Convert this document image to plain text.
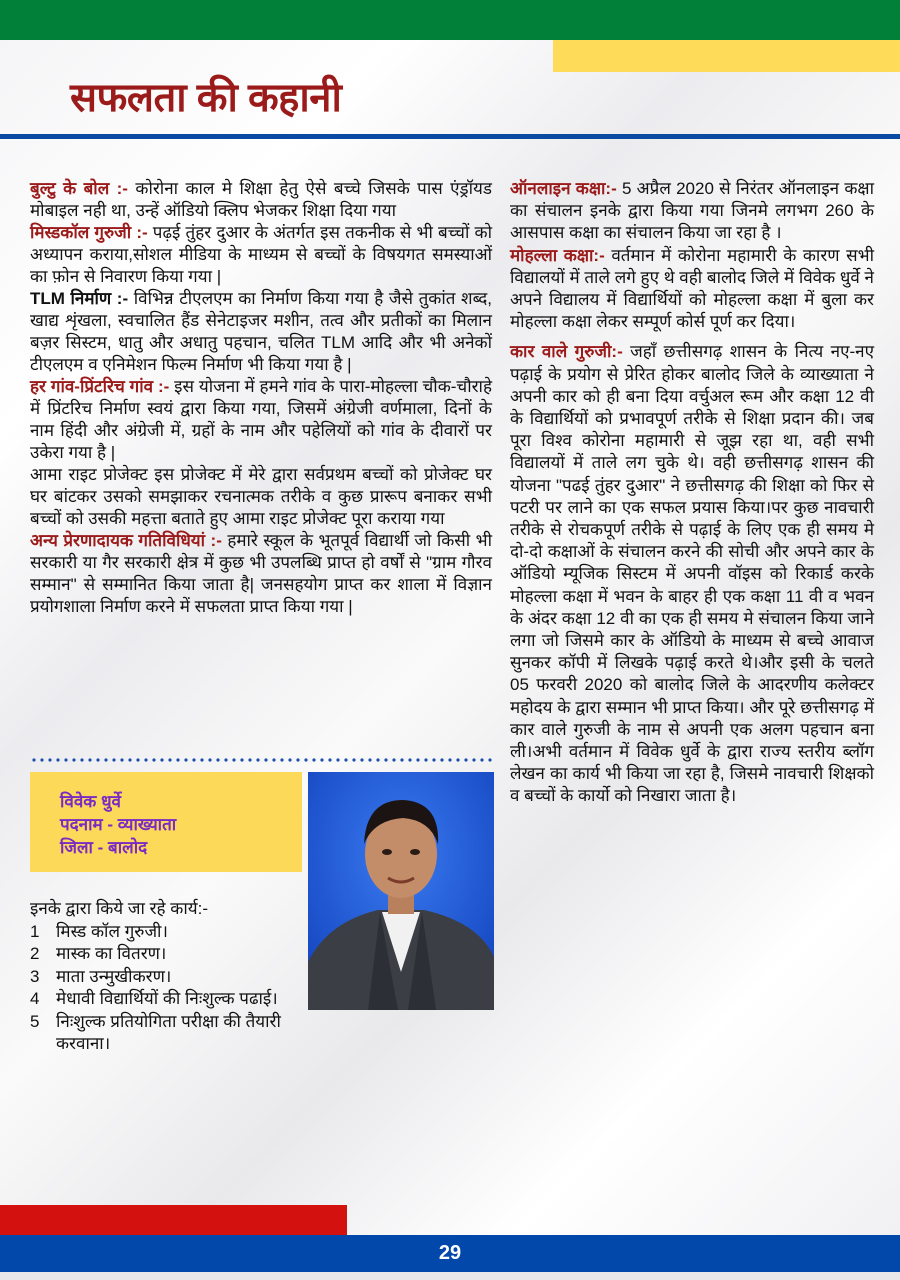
सफलता की कहानी

बुल्टु के बोल :- कोरोना काल मे शिक्षा हेतु ऐसे बच्चे जिसके पास एंड्रॉयड मोबाइल नही था, उन्हें ऑडियो क्लिप भेजकर शिक्षा दिया गया

मिस्डकॉल गुरुजी :- पढ़ई तुंहर दुआर के अंतर्गत इस तकनीक से भी बच्चों को अध्यापन कराया,सोशल मीडिया के माध्यम से बच्चों के विषयगत समस्याओं का फ़ोन से निवारण किया गया |

TLM निर्माण :- विभिन्न टीएलएम का निर्माण किया गया है जैसे तुकांत शब्द, खाद्य शृंखला, स्वचालित हैंड सेनेटाइजर मशीन, तत्व और प्रतीकों का मिलान बज़र सिस्टम, धातु और अधातु पहचान, चलित TLM आदि और भी अनेकों टीएलएम व एनिमेशन फिल्म निर्माण भी किया गया है |

हर गांव-प्रिंटरिच गांव :- इस योजना में हमने गांव के पारा-मोहल्ला चौक-चौराहे में प्रिंटरिच निर्माण स्वयं द्वारा किया गया, जिसमें अंग्रेजी वर्णमाला, दिनों के नाम हिंदी और अंग्रेजी में, ग्रहों के नाम और पहेलियों को गांव के दीवारों पर उकेरा गया है |

आमा राइट प्रोजेक्ट इस प्रोजेक्ट में मेरे द्वारा सर्वप्रथम बच्चों को प्रोजेक्ट घर घर बांटकर उसको समझाकर रचनात्मक तरीके व कुछ प्रारूप बनाकर सभी बच्चों को उसकी महत्ता बताते हुए आमा राइट प्रोजेक्ट पूरा कराया गया

अन्य प्रेरणादायक गतिविधियां :- हमारे स्कूल के भूतपूर्व विद्यार्थी जो किसी भी सरकारी या गैर सरकारी क्षेत्र में कुछ भी उपलब्धि प्राप्त हो वर्षों से "ग्राम गौरव सम्मान" से सम्मानित किया जाता है| जनसहयोग प्राप्त कर शाला में विज्ञान प्रयोगशाला निर्माण करने में सफलता प्राप्त किया गया |

ऑनलाइन कक्षा:- 5 अप्रैल 2020 से निरंतर ऑनलाइन कक्षा का संचालन इनके द्वारा किया गया जिनमे लगभग 260 के आसपास कक्षा का संचालन किया जा रहा है ।

मोहल्ला कक्षा:- वर्तमान में कोरोना महामारी के कारण सभी विद्यालयों में ताले लगे हुए थे वही बालोद जिले में विवेक धुर्वे ने अपने विद्यालय में विद्यार्थियों को मोहल्ला कक्षा में बुला कर मोहल्ला कक्षा लेकर सम्पूर्ण कोर्स पूर्ण कर दिया।

कार वाले गुरुजी:- जहाँ छत्तीसगढ़ शासन के नित्य नए-नए पढ़ाई के प्रयोग से प्रेरित होकर बालोद जिले के व्याख्याता ने अपनी कार को ही बना दिया वर्चुअल रूम और कक्षा 12 वी के विद्यार्थियों को प्रभावपूर्ण तरीके से शिक्षा प्रदान की। जब पूरा विश्व कोरोना महामारी से जूझ रहा था, वही सभी विद्यालयों में ताले लग चुके थे। वही छत्तीसगढ़ शासन की योजना "पढई तुंहर दुआर" ने छत्तीसगढ़ की शिक्षा को फिर से पटरी पर लाने का एक सफल प्रयास किया।पर कुछ नावचारी तरीके से रोचकपूर्ण तरीके से पढ़ाई के लिए एक ही समय मे दो-दो कक्षाओं के संचालन करने की सोची और अपने कार के ऑडियो म्यूजिक सिस्टम में अपनी वॉइस को रिकार्ड करके मोहल्ला कक्षा में भवन के बाहर ही एक कक्षा 11 वी व भवन के अंदर कक्षा 12 वी का एक ही समय मे संचालन किया जाने लगा जो जिसमे कार के ऑडियो के माध्यम से बच्चे आवाज सुनकर कॉपी में लिखके पढ़ाई करते थे।और इसी के चलते 05 फरवरी 2020 को बालोद जिले के आदरणीय कलेक्टर महोदय के द्वारा सम्मान भी प्राप्त किया। और पूरे छत्तीसगढ़ में कार वाले गुरुजी के नाम से अपनी एक अलग पहचान बना ली।अभी वर्तमान में विवेक धुर्वे के द्वारा राज्य स्तरीय ब्लॉग लेखन का कार्य भी किया जा रहा है, जिसमे नावचारी शिक्षको व बच्चों के कार्यो को निखारा जाता है।

विवेक धुर्वे
पदनाम - व्याख्याता
जिला - बालोद
इनके द्वारा किये जा रहे कार्य:-
1 मिस्ड कॉल गुरुजी।
2 मास्क का वितरण।
3 माता उन्मुखीकरण।
4 मेधावी विद्यार्थियों की निःशुल्क पढाई।
5 निःशुल्क प्रतियोगिता परीक्षा की तैयारी करवाना।
29
